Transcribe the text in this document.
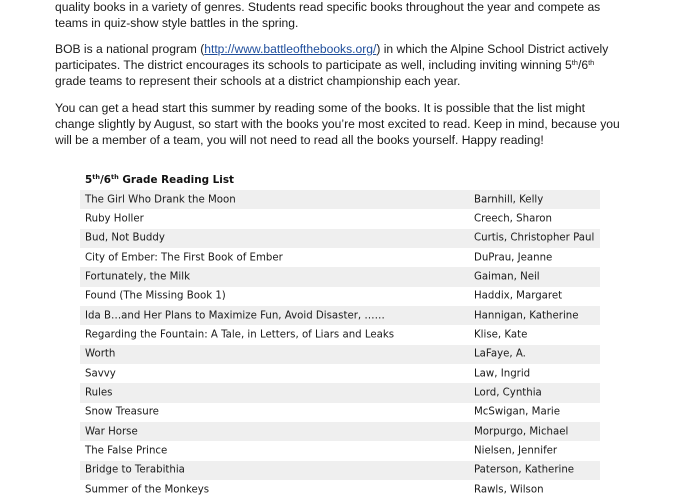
quality books in a variety of genres. Students read specific books throughout the year and compete as teams in quiz-show style battles in the spring.

BOB is a national program (http://www.battleofthebooks.org/) in which the Alpine School District actively participates. The district encourages its schools to participate as well, including inviting winning 5th/6th grade teams to represent their schools at a district championship each year.

You can get a head start this summer by reading some of the books. It is possible that the list might change slightly by August, so start with the books you’re most excited to read. Keep in mind, because you will be a member of a team, you will not need to read all the books yourself. Happy reading!

5th/6th Grade Reading List

The Girl Who Drank the Moon	Barnhill, Kelly
Ruby Holler	Creech, Sharon
Bud, Not Buddy	Curtis, Christopher Paul
City of Ember: The First Book of Ember	DuPrau, Jeanne
Fortunately, the Milk	Gaiman, Neil
Found (The Missing Book 1)	Haddix, Margaret
Ida B…and Her Plans to Maximize Fun, Avoid Disaster, ……	Hannigan, Katherine
Regarding the Fountain: A Tale, in Letters, of Liars and Leaks	Klise, Kate
Worth	LaFaye, A.
Savvy	Law, Ingrid
Rules	Lord, Cynthia
Snow Treasure	McSwigan, Marie
War Horse	Morpurgo, Michael
The False Prince	Nielsen, Jennifer
Bridge to Terabithia	Paterson, Katherine
Summer of the Monkeys	Rawls, Wilson
